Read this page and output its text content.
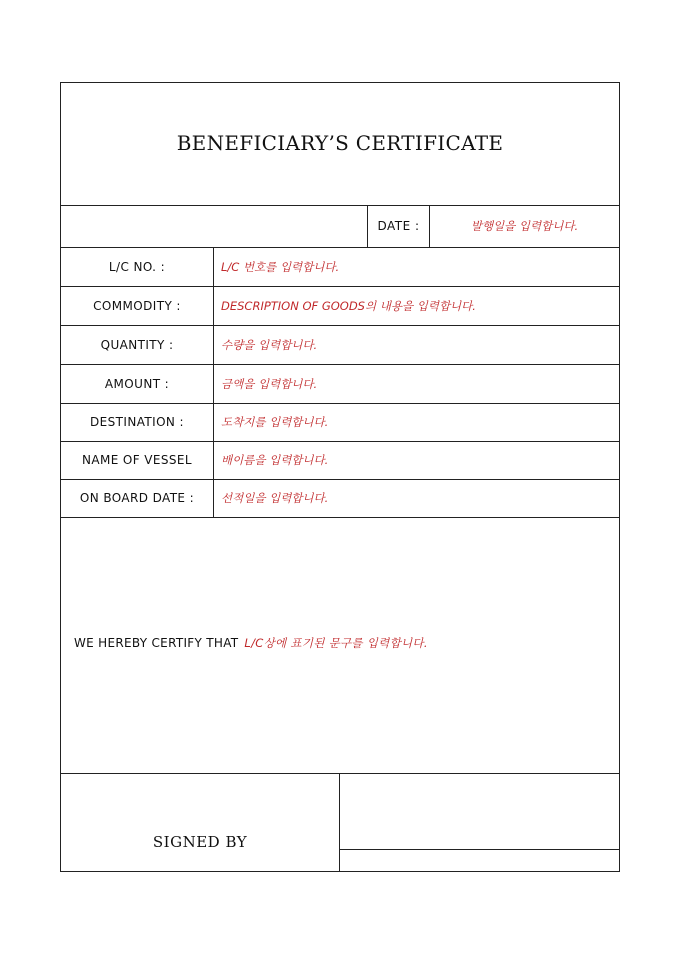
BENEFICIARY’S CERTIFICATE
DATE :	발행일을 입력합니다.
L/C NO. :	L/C 번호를 입력합니다.
COMMODITY :	DESCRIPTION OF GOODS의 내용을 입력합니다.
QUANTITY :	수량을 입력합니다.
AMOUNT :	금액을 입력합니다.
DESTINATION :	도착지를 입력합니다.
NAME OF VESSEL	배이름을 입력합니다.
ON BOARD DATE :	선적일을 입력합니다.
WE HEREBY CERTIFY THAT L/C상에 표기된 문구를 입력합니다.
SIGNED BY
